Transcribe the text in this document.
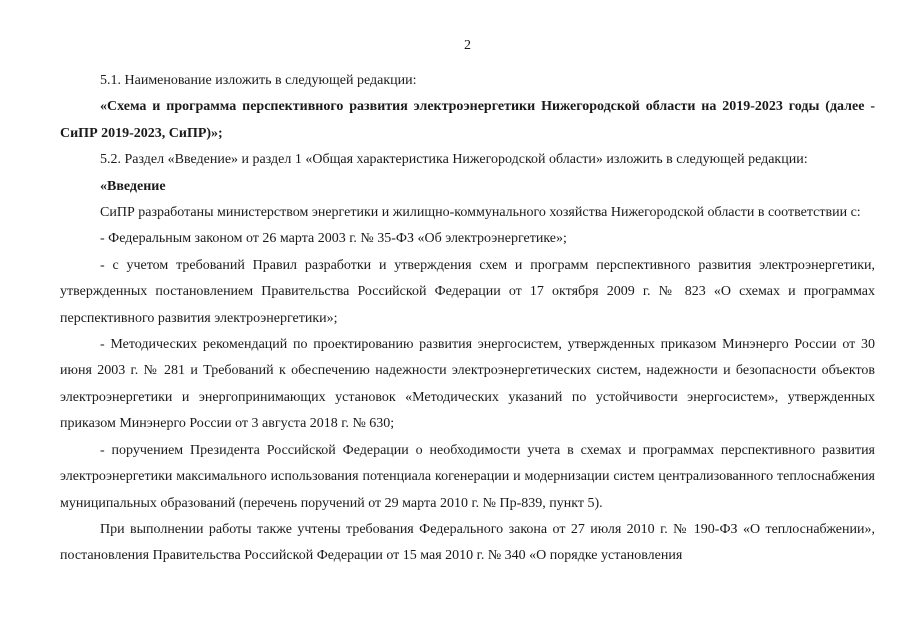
2

5.1. Наименование изложить в следующей редакции:

«Схема и программа перспективного развития электроэнергетики Нижегородской области на 2019-2023 годы (далее - СиПР 2019-2023, СиПР)»;

5.2. Раздел «Введение» и раздел 1 «Общая характеристика Нижегородской области» изложить в следующей редакции:

«Введение

СиПР разработаны министерством энергетики и жилищно-коммунального хозяйства Нижегородской области в соответствии с:

- Федеральным законом от 26 марта 2003 г. № 35-ФЗ «Об электроэнергетике»;

- с учетом требований Правил разработки и утверждения схем и программ перспективного развития электроэнергетики, утвержденных постановлением Правительства Российской Федерации от 17 октября 2009 г. № 823 «О схемах и программах перспективного развития электроэнергетики»;

- Методических рекомендаций по проектированию развития энергосистем, утвержденных приказом Минэнерго России от 30 июня 2003 г. № 281 и Требований к обеспечению надежности электроэнергетических систем, надежности и безопасности объектов электроэнергетики и энергопринимающих установок «Методических указаний по устойчивости энергосистем», утвержденных приказом Минэнерго России от 3 августа 2018 г. № 630;

- поручением Президента Российской Федерации о необходимости учета в схемах и программах перспективного развития электроэнергетики максимального использования потенциала когенерации и модернизации систем централизованного теплоснабжения муниципальных образований (перечень поручений от 29 марта 2010 г. № Пр-839, пункт 5).

При выполнении работы также учтены требования Федерального закона от 27 июля 2010 г. № 190-ФЗ «О теплоснабжении», постановления Правительства Российской Федерации от 15 мая 2010 г. № 340 «О порядке установления
